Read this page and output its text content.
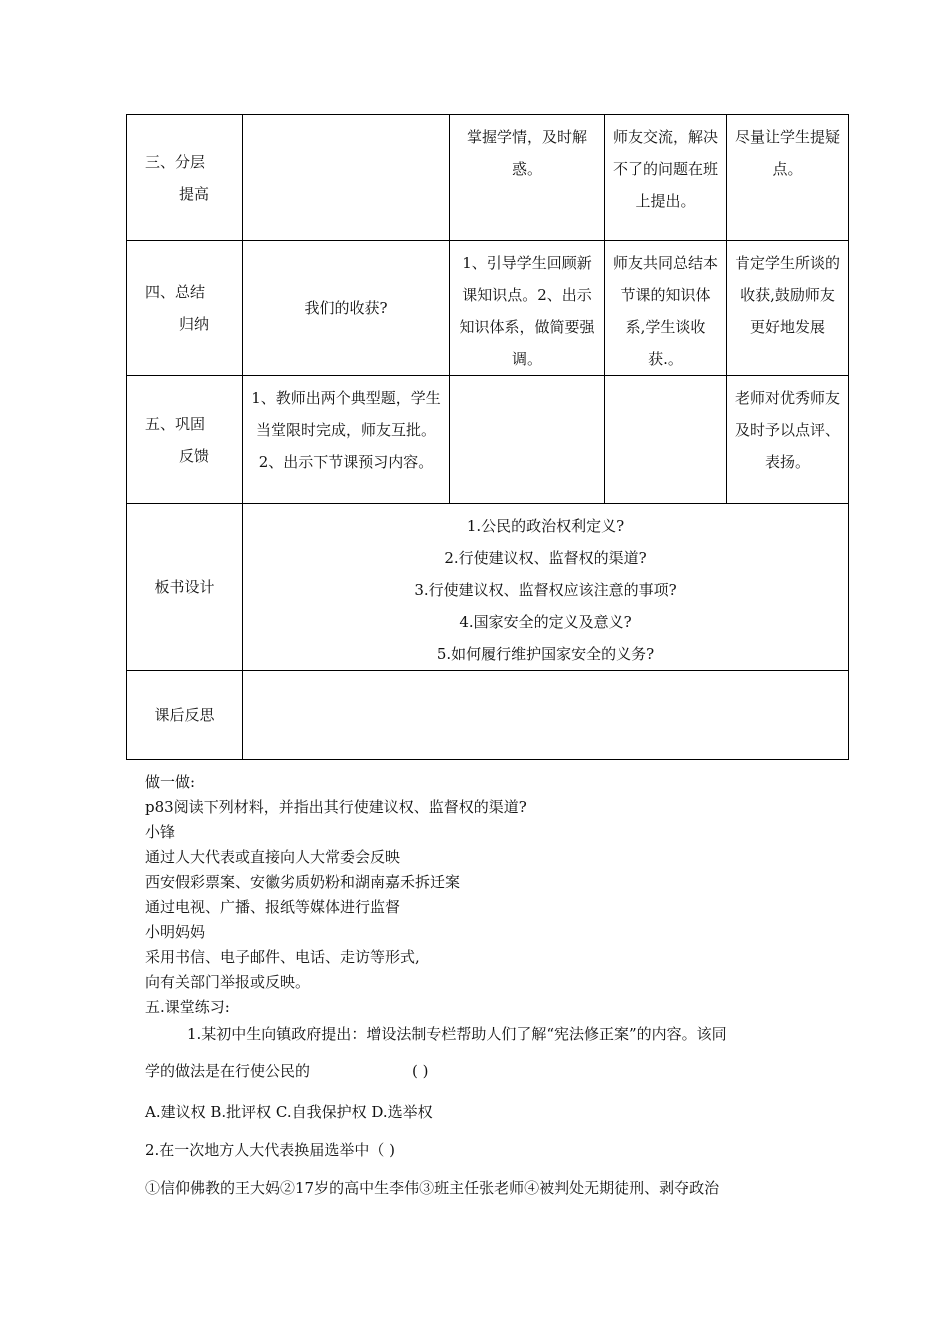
三、分层
提高		掌握学情，及时解惑。	师友交流，解决不了的问题在班上提出。	尽量让学生提疑点。

四、总结
归纳	我们的收获?	1、引导学生回顾新课知识点。2、出示知识体系，做简要强调。	师友共同总结本节课的知识体系,学生谈收获.。	肯定学生所谈的收获,鼓励师友更好地发展

五、巩固
反馈	1、教师出两个典型题，学生当堂限时完成，师友互批。2、出示下节课预习内容。			老师对优秀师友及时予以点评、表扬。
板书设计	1.公民的政治权利定义?

2.行使建议权、监督权的渠道?

3.行使建议权、监督权应该注意的事项?

4.国家安全的定义及意义?

5.如何履行维护国家安全的义务?			

课后反思				

做一做:

p83阅读下列材料，并指出其行使建议权、监督权的渠道?

小锋

通过人大代表或直接向人大常委会反映

西安假彩票案、安徽劣质奶粉和湖南嘉禾拆迁案

通过电视、广播、报纸等媒体进行监督

小明妈妈

采用书信、电子邮件、电话、走访等形式,

向有关部门举报或反映。

五.课堂练习:

1.某初中生向镇政府提出：增设法制专栏帮助人们了解“宪法修正案”的内容。该同

学的做法是在行使公民的	( )

A.建议权 B.批评权 C.自我保护权 D.选举权

2.在一次地方人大代表换届选举中（ )

①信仰佛教的王大妈②17岁的高中生李伟③班主任张老师④被判处无期徒刑、剥夺政治
